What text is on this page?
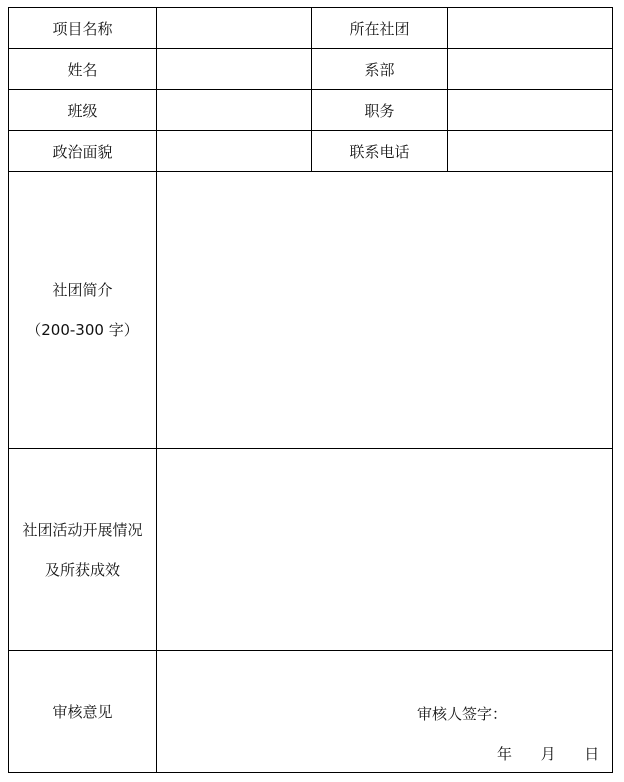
项目名称		所在社团	
姓名		系部	
班级		职务	
政治面貌		联系电话	

社团简介
（200-300 字）			

社团活动开展情况
及所获成效			

审核意见	审核人签字：
年 月 日		
